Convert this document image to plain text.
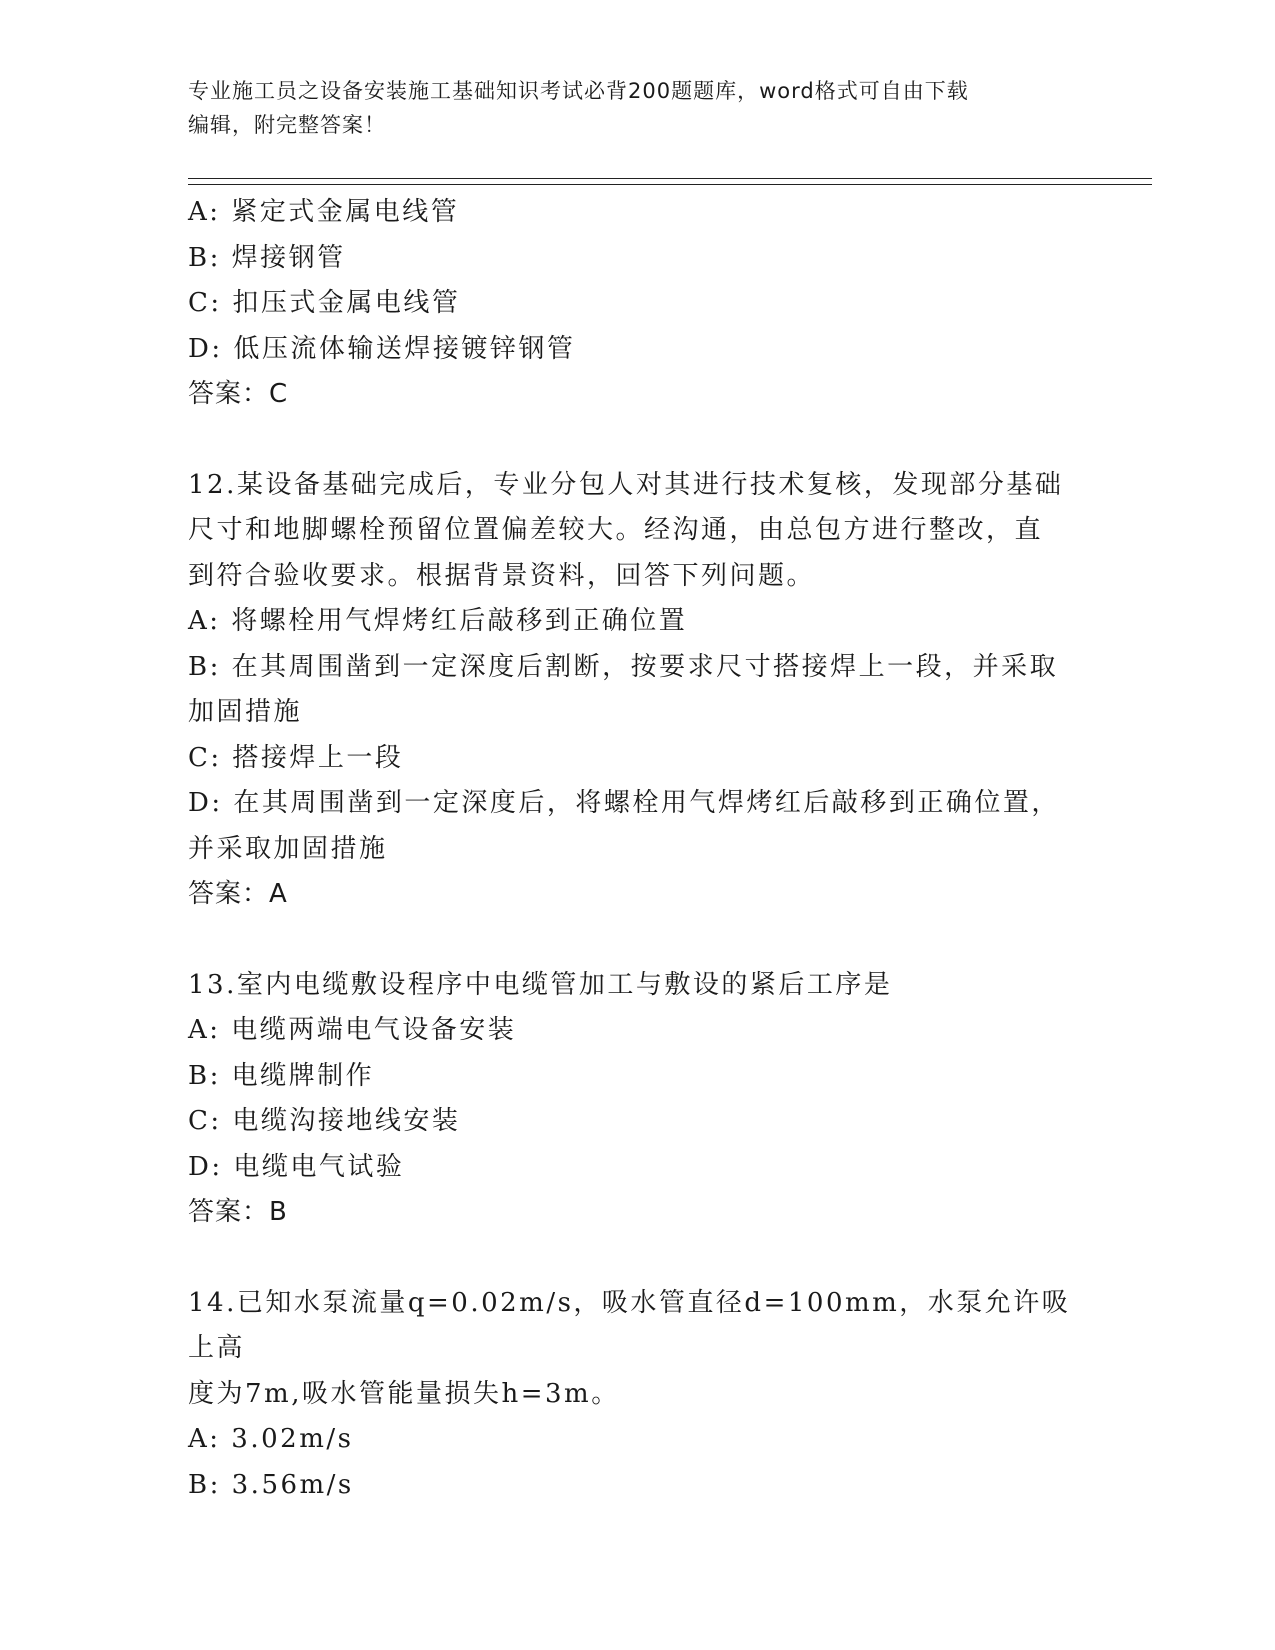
专业施工员之设备安装施工基础知识考试必背200题题库，word格式可自由下载
编辑，附完整答案！
A: 紧定式金属电线管
B: 焊接钢管
C: 扣压式金属电线管
D: 低压流体输送焊接镀锌钢管
答案：C
12.某设备基础完成后，专业分包人对其进行技术复核，发现部分基础
尺寸和地脚螺栓预留位置偏差较大。经沟通，由总包方进行整改，直
到符合验收要求。根据背景资料，回答下列问题。
A: 将螺栓用气焊烤红后敲移到正确位置
B: 在其周围凿到一定深度后割断，按要求尺寸搭接焊上一段，并采取
加固措施
C: 搭接焊上一段
D: 在其周围凿到一定深度后，将螺栓用气焊烤红后敲移到正确位置，
并采取加固措施
答案：A
13.室内电缆敷设程序中电缆管加工与敷设的紧后工序是
A: 电缆两端电气设备安装
B: 电缆牌制作
C: 电缆沟接地线安装
D: 电缆电气试验
答案：B
14.已知水泵流量q=0.02m/s，吸水管直径d=100mm，水泵允许吸上高
度为7m,吸水管能量损失h=3m。
A: 3.02m/s
B: 3.56m/s
